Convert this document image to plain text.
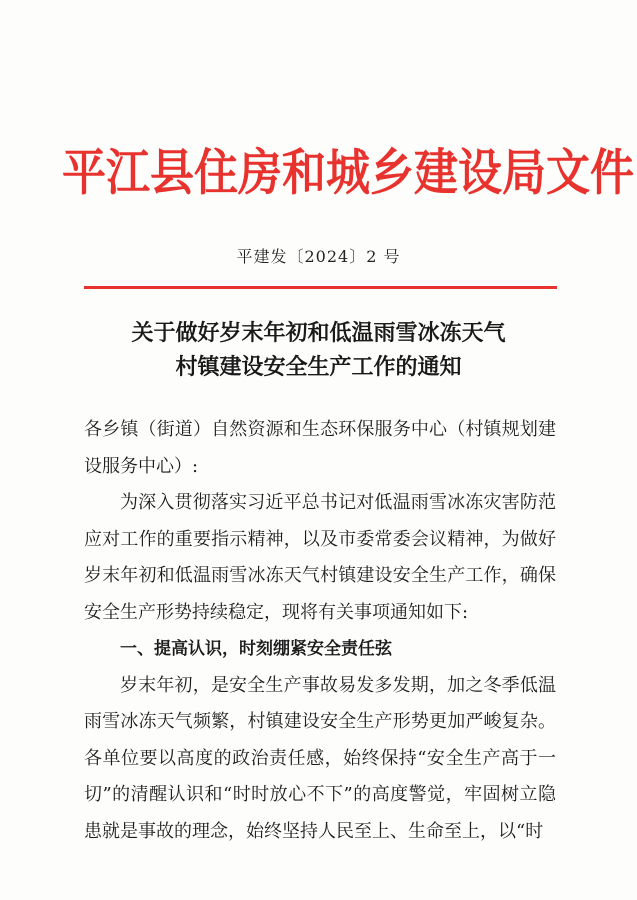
平江县住房和城乡建设局文件
平建发〔2024〕2 号
关于做好岁末年初和低温雨雪冰冻天气
村镇建设安全生产工作的通知

各乡镇（街道）自然资源和生态环保服务中心（村镇规划建设服务中心）:

为深入贯彻落实习近平总书记对低温雨雪冰冻灾害防范应对工作的重要指示精神，以及市委常委会议精神，为做好岁末年初和低温雨雪冰冻天气村镇建设安全生产工作，确保安全生产形势持续稳定，现将有关事项通知如下:

一、提高认识，时刻绷紧安全责任弦

岁末年初，是安全生产事故易发多发期，加之冬季低温雨雪冰冻天气频繁，村镇建设安全生产形势更加严峻复杂。各单位要以高度的政治责任感，始终保持“安全生产高于一切”的清醒认识和“时时放心不下”的高度警觉，牢固树立隐患就是事故的理念，始终坚持人民至上、生命至上，以“时
